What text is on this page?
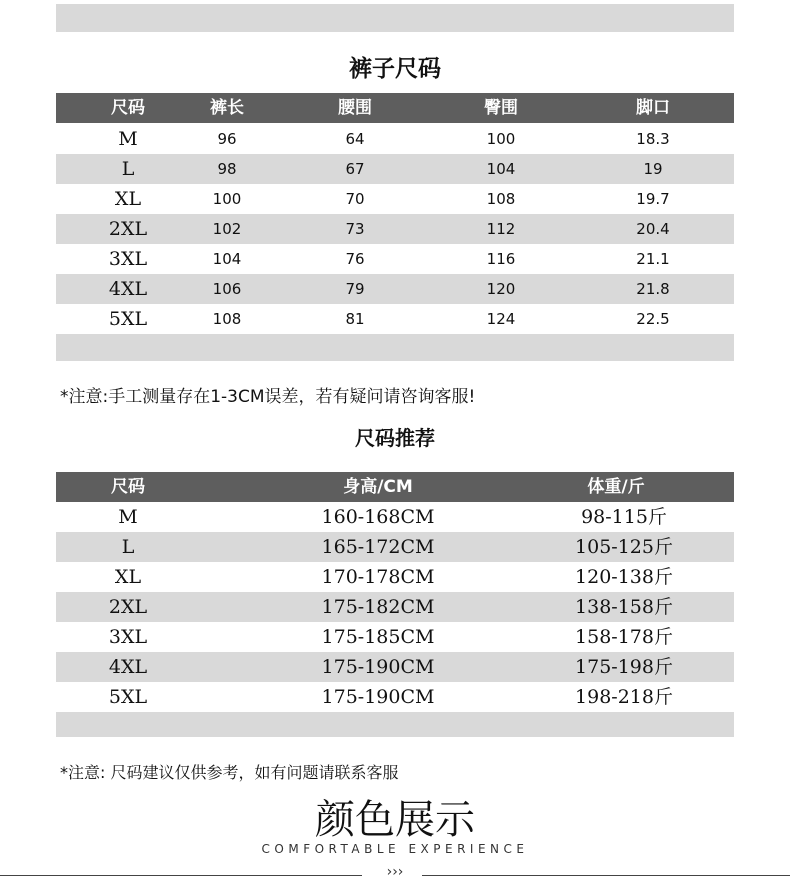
裤子尺码
尺码	裤长	腰围	臀围	脚口
M	96	64	100	18.3
L	98	67	104	19
XL	100	70	108	19.7
2XL	102	73	112	20.4
3XL	104	76	116	21.1
4XL	106	79	120	21.8
5XL	108	81	124	22.5
*注意:手工测量存在1-3CM误差，若有疑问请咨询客服!
尺码推荐
尺码	身高/CM	体重/斤
M	160-168CM	98-115斤
L	165-172CM	105-125斤
XL	170-178CM	120-138斤
2XL	175-182CM	138-158斤
3XL	175-185CM	158-178斤
4XL	175-190CM	175-198斤
5XL	175-190CM	198-218斤
*注意: 尺码建议仅供参考，如有问题请联系客服
颜色展示
COMFORTABLE EXPERIENCE
›››
